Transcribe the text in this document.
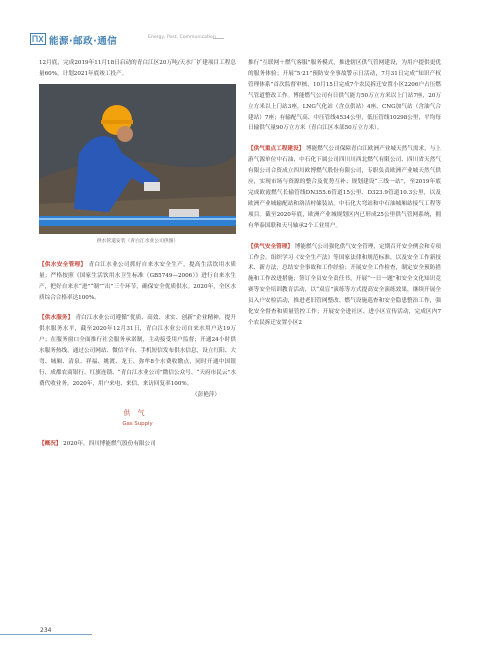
能源·邮政·通信	Energy, Post, Communication

12月底，完成2019年11月18日启动的青白江区20万吨/天水厂扩建项目工程总量60%，计划2021年底竣工投产。

供水管道安装（青白江水业公司供图）

【供水安全管理】 青白江水业公司抓好自来水安全生产，提高生活饮用水质量；严格按照《国家生活饮用水卫生标准（GB5749—2006）》进行自来水生产，把好自来水“进”“制”“出”三个环节，确保安全优质供水。2020年，全区水质综合合格率达100%。

【供水服务】 青白江水业公司遵循“优质、高效、求实、创新”企业精神，提升供水服务水平，截至2020年12月31日，青白江水业公司自来水用户达19万户；在服务窗口全面推行社会服务承诺制，主动接受用户监督；开通24小时供水服务热线，通过公司网站、微信平台、手机短信发布供水信息，设立红阳、大弯、城厢、清泉、祥福、姚渡、龙王、弥牟8个水费收缴点，同时开通中国银行、成都农商银行、红旗连锁、“青白江水业公司”微信公众号、“天府市民云”水费代收业务。2020年，用户来电、来信、来访回复率100%。

（彭艳萍）

供气
Gas Supply

【概况】 2020年，四川博能燃气股份有限公司

推行“互联网＋燃气客服”服务模式，推进辖区供气管网建设，为用户提供更优的服务体验；开展“5·21”预防安全事故警示日活动，7月31日完成“知识产权管理体系”首次监督审核，10月15日完成7个农民拆迁安置小区2206户占压燃气管道整改工作。博能燃气公司有日供气能力50万立方米以上门站7座，20万立方米以上门站3座，LNG气化站（含点供站）4座，CNG加气站（含油气合建站）7座；有输配气高、中压管线4534公里，低压管线10298公里，平均每日输供气量90万立方米（青白江区本部50万立方米）。

【供气重点工程建设】 博能燃气公司保障青白江欧洲产业城天然气需求，与上游气源单位中石油、中石化下属公司四川川西北燃气有限公司、四川省天然气有限公司合资成立四川欧博燃气股份有限公司，专职负责欧洲产业城天然气供应，实现市场与资源的整合及优势互补；规划建设“三线一站”，至2019年底完成欧霞燃气长输管线DN355.6管道15公里、D323.9管道10.3公里，以及欧洲产业城输配站和洛洁村储装站，中石化大弯站和中石油城厢站接气工程等项目。截至2020年底，欧洲产业城规划区内已形成25公里供气管网系统，拥有华泰国联和天马轴承2个工业用户。

【供气安全管理】 博能燃气公司强化供气安全管理，定期召开安全例会和专项工作会，组织学习《安全生产法》等国家法律和规范标准，以及安全工作新技术、新方法，总结安全事故和工作经验；开展安全工作检查，制定安全预防措施和工作改进措施；签订全员安全责任书，开展“一日一题”和安全文化知识竞赛等安全培训教育活动，以“双盲”演练等方式提高安全演练效果，继续开展全员入户安检活动，推进老旧管网整改、燃气设施巡查和安全隐患整治工作，强化安全督查和质量管控工作；开展安全进社区、进小区宣传活动，完成区内7个农民拆迁安置小区2

234
